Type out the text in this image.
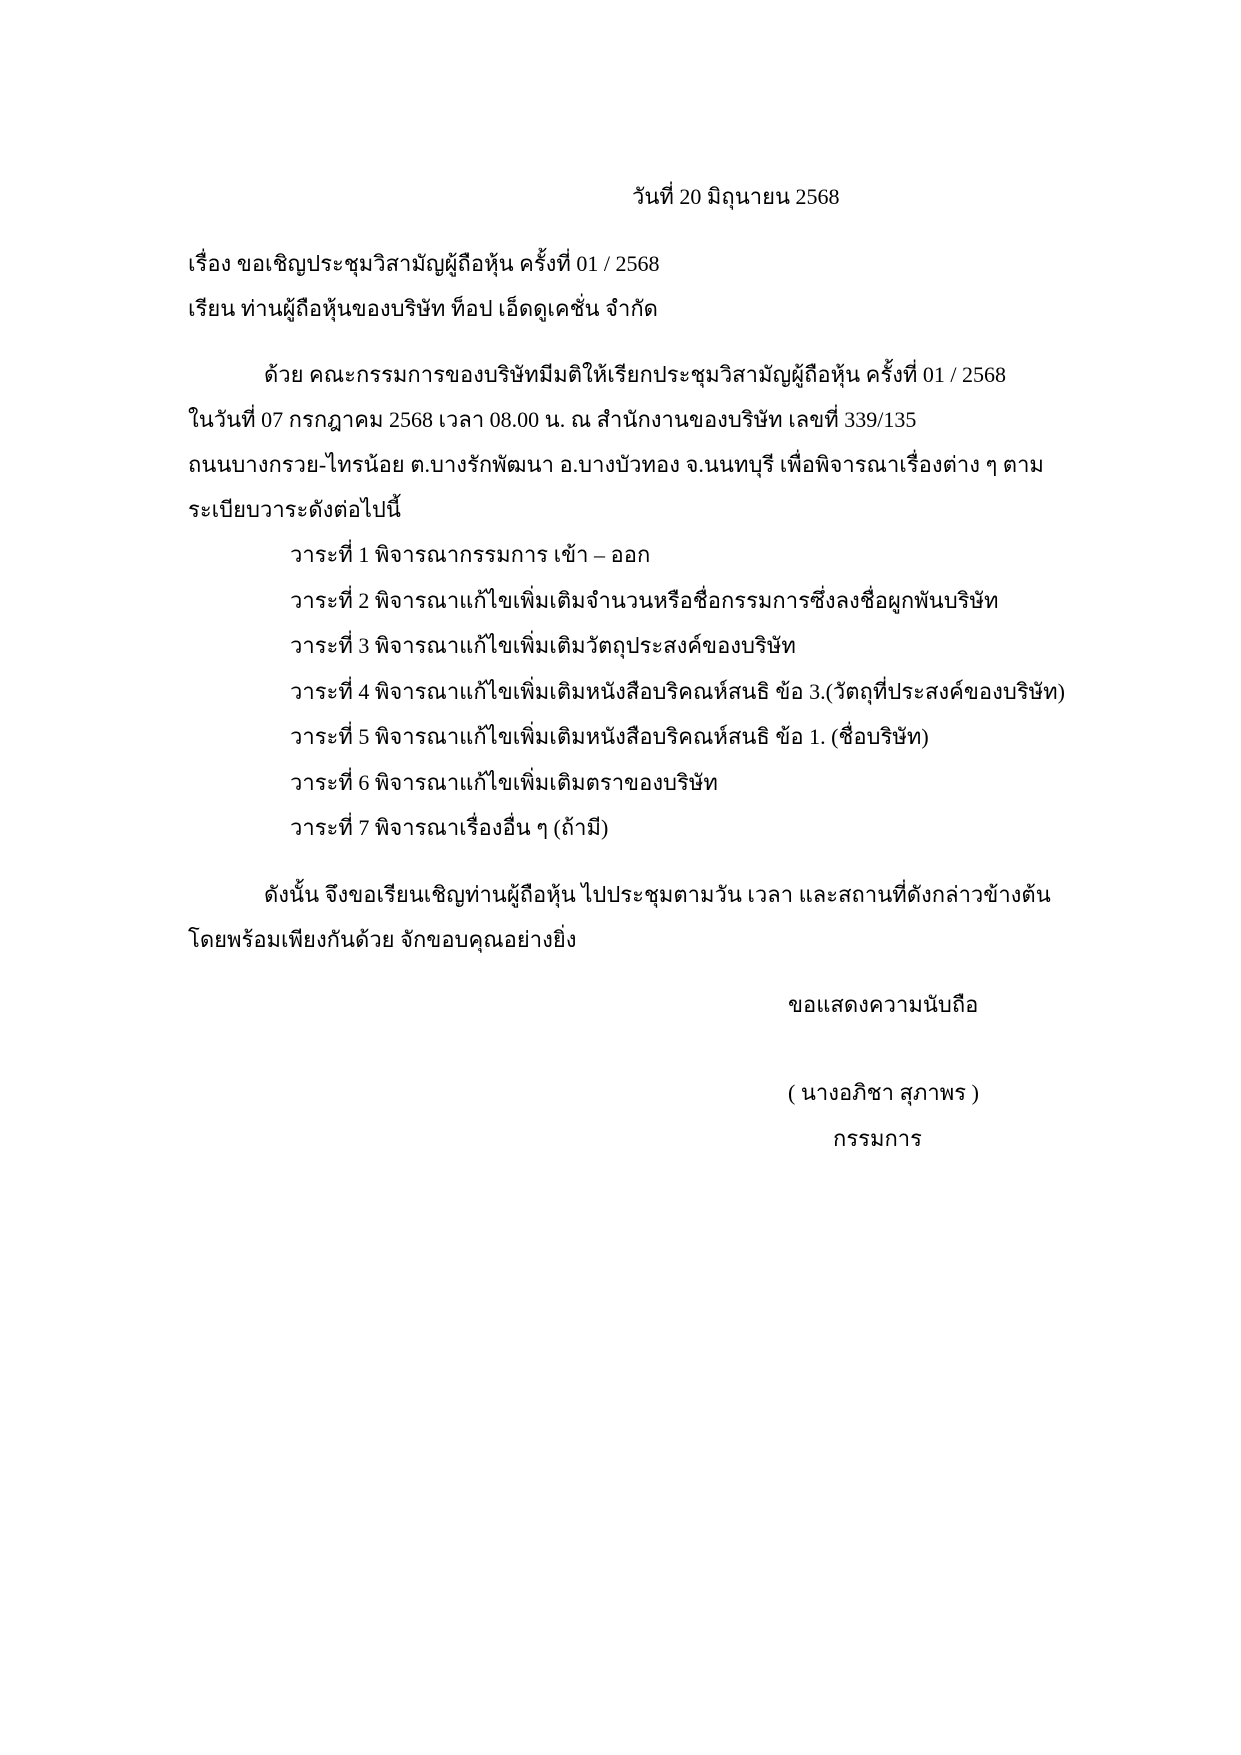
วันที่ 20 มิถุนายน 2568
เรื่อง ขอเชิญประชุมวิสามัญผู้ถือหุ้น ครั้งที่ 01 / 2568
เรียน ท่านผู้ถือหุ้นของบริษัท ท็อป เอ็ดดูเคชั่น จำกัด
ด้วย คณะกรรมการของบริษัทมีมติให้เรียกประชุมวิสามัญผู้ถือหุ้น ครั้งที่ 01 / 2568
ในวันที่ 07 กรกฎาคม 2568 เวลา 08.00 น. ณ สำนักงานของบริษัท เลขที่ 339/135
ถนนบางกรวย-ไทรน้อย ต.บางรักพัฒนา อ.บางบัวทอง จ.นนทบุรี เพื่อพิจารณาเรื่องต่าง ๆ ตาม
ระเบียบวาระดังต่อไปนี้
วาระที่ 1 พิจารณากรรมการ เข้า – ออก
วาระที่ 2 พิจารณาแก้ไขเพิ่มเติมจำนวนหรือชื่อกรรมการซึ่งลงชื่อผูกพันบริษัท
วาระที่ 3 พิจารณาแก้ไขเพิ่มเติมวัตถุประสงค์ของบริษัท
วาระที่ 4 พิจารณาแก้ไขเพิ่มเติมหนังสือบริคณห์สนธิ ข้อ 3.(วัตถุที่ประสงค์ของบริษัท)
วาระที่ 5 พิจารณาแก้ไขเพิ่มเติมหนังสือบริคณห์สนธิ ข้อ 1. (ชื่อบริษัท)
วาระที่ 6 พิจารณาแก้ไขเพิ่มเติมตราของบริษัท
วาระที่ 7 พิจารณาเรื่องอื่น ๆ (ถ้ามี)
ดังนั้น จึงขอเรียนเชิญท่านผู้ถือหุ้น ไปประชุมตามวัน เวลา และสถานที่ดังกล่าวข้างต้น
โดยพร้อมเพียงกันด้วย จักขอบคุณอย่างยิ่ง
ขอแสดงความนับถือ
( นางอภิชา สุภาพร )
กรรมการ
